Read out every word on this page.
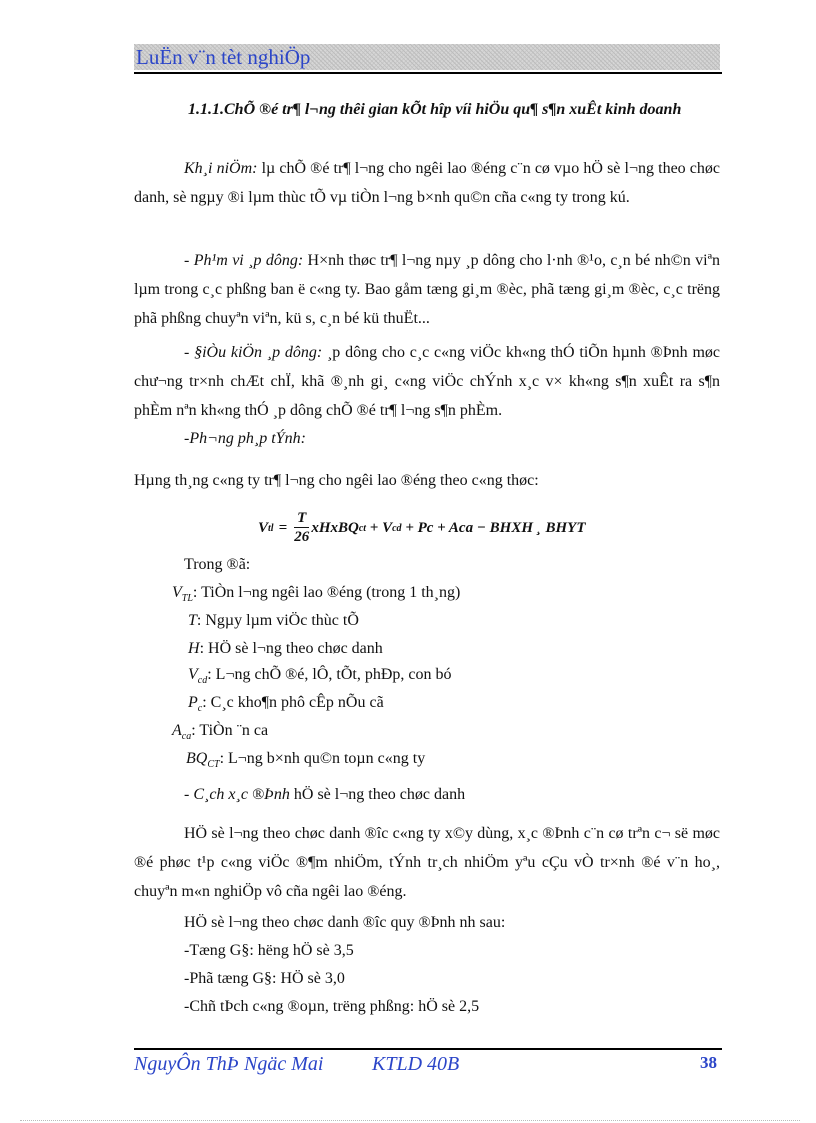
LuËn v¨n tèt nghiÖp
1.1.1.ChÕ ®é tr¶ l¬ng thêi gian kÕt hîp víi hiÖu qu¶ s¶n xuÊt kinh doanh
Kh¸i niÖm: lµ chÕ ®é tr¶ l¬ng cho ngêi lao ®éng c¨n cø vµo hÖ sè l¬ng theo chøc danh, sè ngµy ®i lµm thùc tÕ vµ tiÒn l¬ng b×nh qu©n cña c«ng ty trong kú.
- Ph¹m vi ¸p dông: H×nh thøc tr¶ l¬ng nµy ¸p dông cho l·nh ®¹o, c¸n bé nh©n viªn lµm trong c¸c phßng ban ë c«ng ty. Bao gåm tæng gi¸m ®èc, phã tæng gi¸m ®èc, c¸c trëng phã phßng chuyªn viªn, kü s, c¸n bé kü thuËt...
- §iÒu kiÖn ¸p dông: ¸p dông cho c¸c c«ng viÖc kh«ng thÓ tiÕn hµnh ®Þnh møc chư¬ng tr×nh chÆt chÏ, khã ®¸nh gi¸ c«ng viÖc chÝnh x¸c v× kh«ng s¶n xuÊt ra s¶n phÈm nªn kh«ng thÓ ¸p dông chÕ ®é tr¶ l¬ng s¶n phÈm.
-Ph¬ng ph¸p tÝnh:
Hµng th¸ng c«ng ty tr¶ l¬ng cho ngêi lao ®éng theo c«ng thøc:
V tl = $\frac{T}{26}$ xHxBQ ct + V cd + Pc + Aca − BHXH ¸ BHYT
Trong ®ã:
$V_{TL}$: TiÒn l¬ng ngêi lao ®éng (trong 1 th¸ng)
T: Ngµy lµm viÖc thùc tÕ
H: HÖ sè l¬ng theo chøc danh
$V_{cd}$: L¬ng chÕ ®é, lÔ, tÕt, phÐp, con bó
$P_c$: C¸c kho¶n phô cÊp nÕu cã
$A_{ca}$: TiÒn ¨n ca
$BQ_{CT}$: L¬ng b×nh qu©n toµn c«ng ty
- C¸ch x¸c ®Þnh hÖ sè l¬ng theo chøc danh
HÖ sè l¬ng theo chøc danh ®îc c«ng ty x©y dùng, x¸c ®Þnh c¨n cø trªn c¬ së møc ®é phøc t¹p c«ng viÖc ®¶m nhiÖm, tÝnh tr¸ch nhiÖm yªu cÇu vÒ tr×nh ®é v¨n ho¸, chuyªn m«n nghiÖp vô cña ngêi lao ®éng.
HÖ sè l¬ng theo chøc danh ®îc quy ®Þnh nh sau:
-Tæng G§: hëng hÖ sè 3,5
-Phã tæng G§: HÖ sè 3,0
-Chñ tÞch c«ng ®oµn, trëng phßng: hÖ sè 2,5
NguyÔn ThÞ Ngäc Mai KTLD 40B	38
